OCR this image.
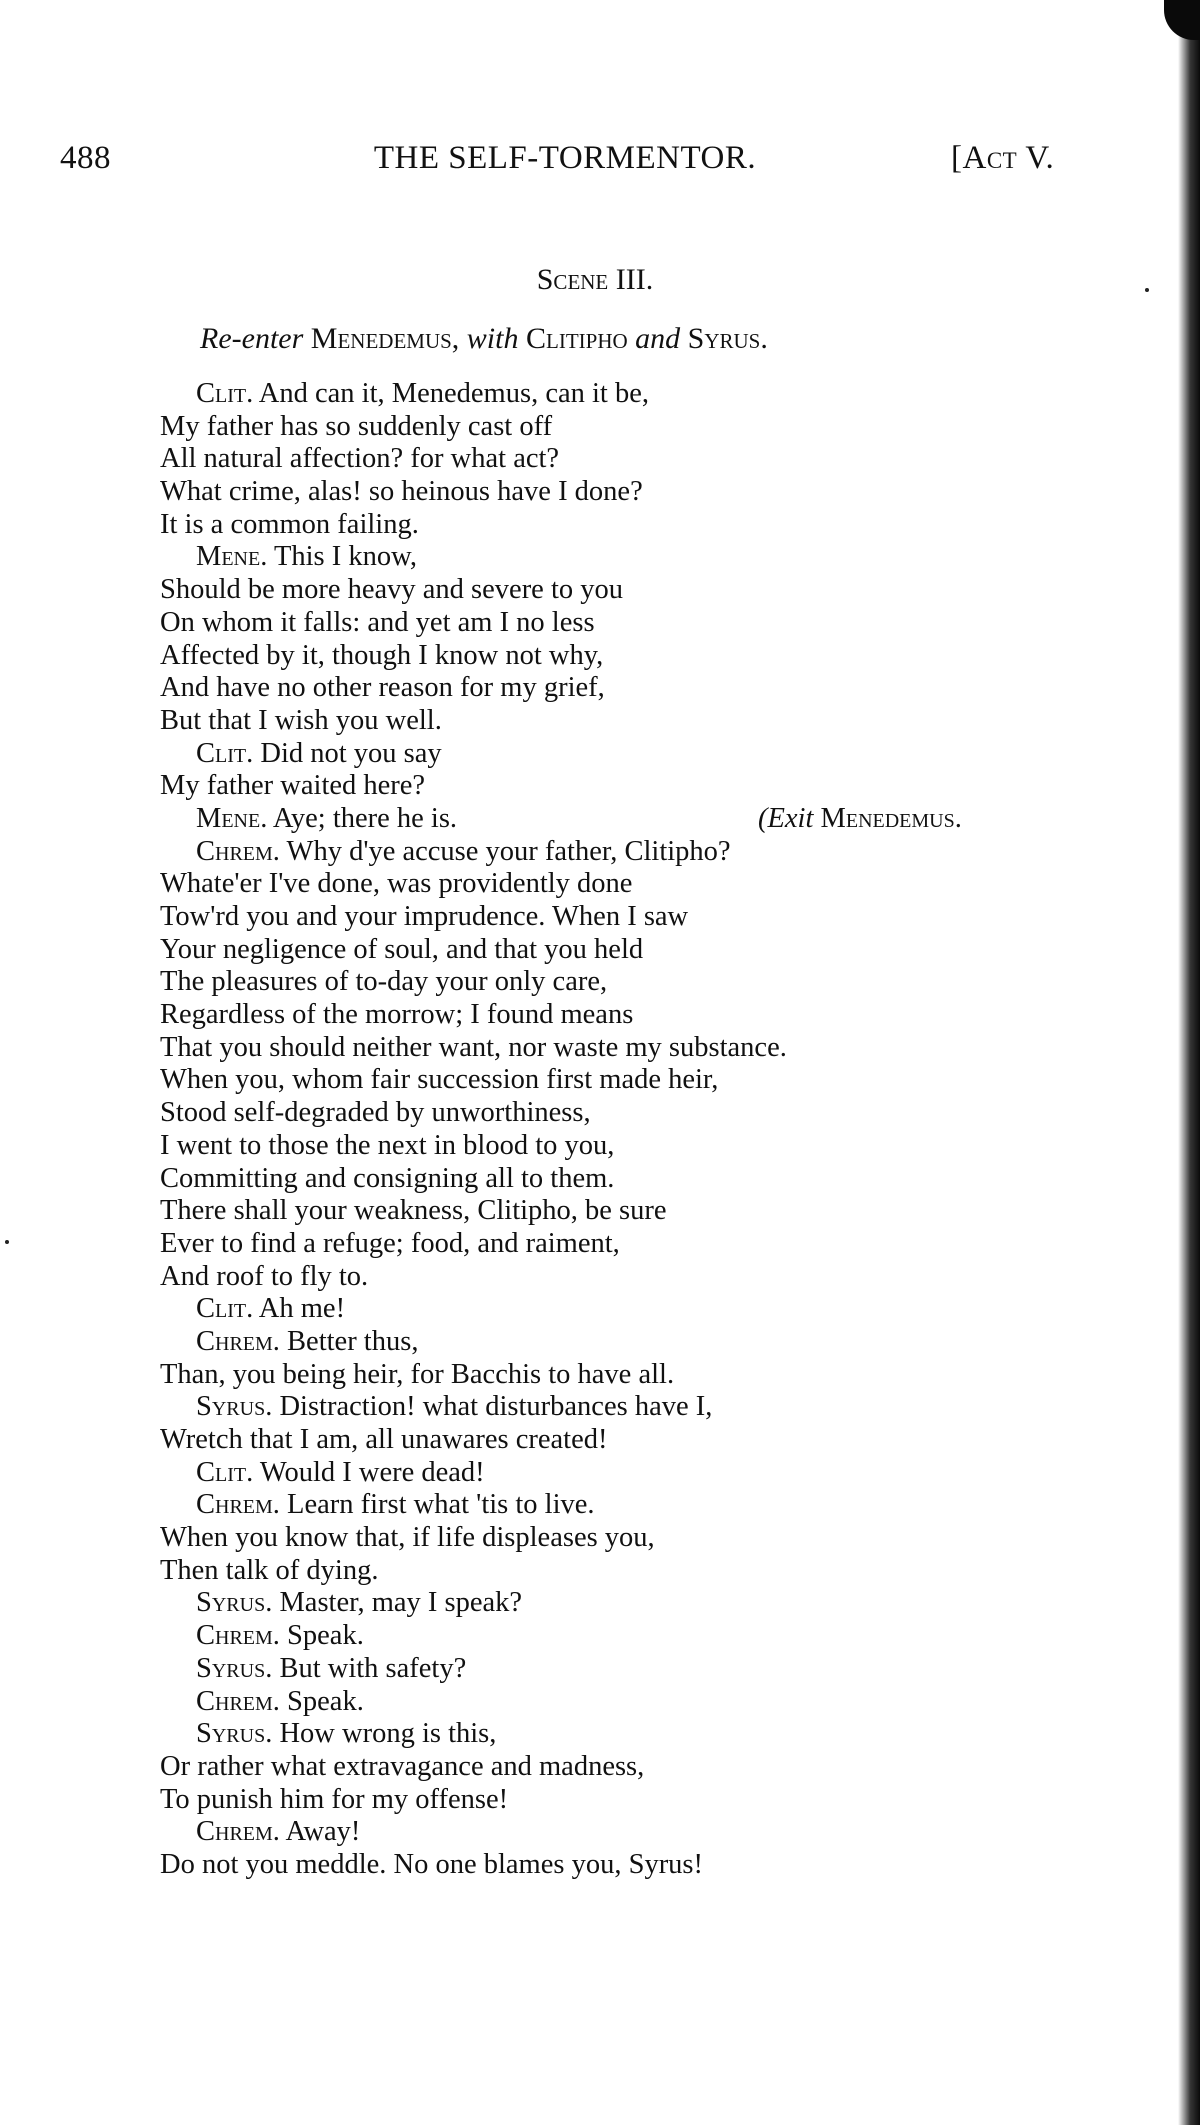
488	THE SELF-TORMENTOR.	[Act V.
Scene III.
Re-enter Menedemus, with Clitipho and Syrus.
Clit. And can it, Menedemus, can it be,
My father has so suddenly cast off
All natural affection? for what act?
What crime, alas! so heinous have I done?
It is a common failing.
Mene. This I know,
Should be more heavy and severe to you
On whom it falls: and yet am I no less
Affected by it, though I know not why,
And have no other reason for my grief,
But that I wish you well.
Clit. Did not you say
My father waited here?
Mene. Aye; there he is.	(Exit Menedemus.
Chrem. Why d'ye accuse your father, Clitipho?
Whate'er I've done, was providently done
Tow'rd you and your imprudence. When I saw
Your negligence of soul, and that you held
The pleasures of to-day your only care,
Regardless of the morrow; I found means
That you should neither want, nor waste my substance.
When you, whom fair succession first made heir,
Stood self-degraded by unworthiness,
I went to those the next in blood to you,
Committing and consigning all to them.
There shall your weakness, Clitipho, be sure
Ever to find a refuge; food, and raiment,
And roof to fly to.
Clit. Ah me!
Chrem. Better thus,
Than, you being heir, for Bacchis to have all.
Syrus. Distraction! what disturbances have I,
Wretch that I am, all unawares created!
Clit. Would I were dead!
Chrem. Learn first what 'tis to live.
When you know that, if life displeases you,
Then talk of dying.
Syrus. Master, may I speak?
Chrem. Speak.
Syrus. But with safety?
Chrem. Speak.
Syrus. How wrong is this,
Or rather what extravagance and madness,
To punish him for my offense!
Chrem. Away!
Do not you meddle. No one blames you, Syrus!
